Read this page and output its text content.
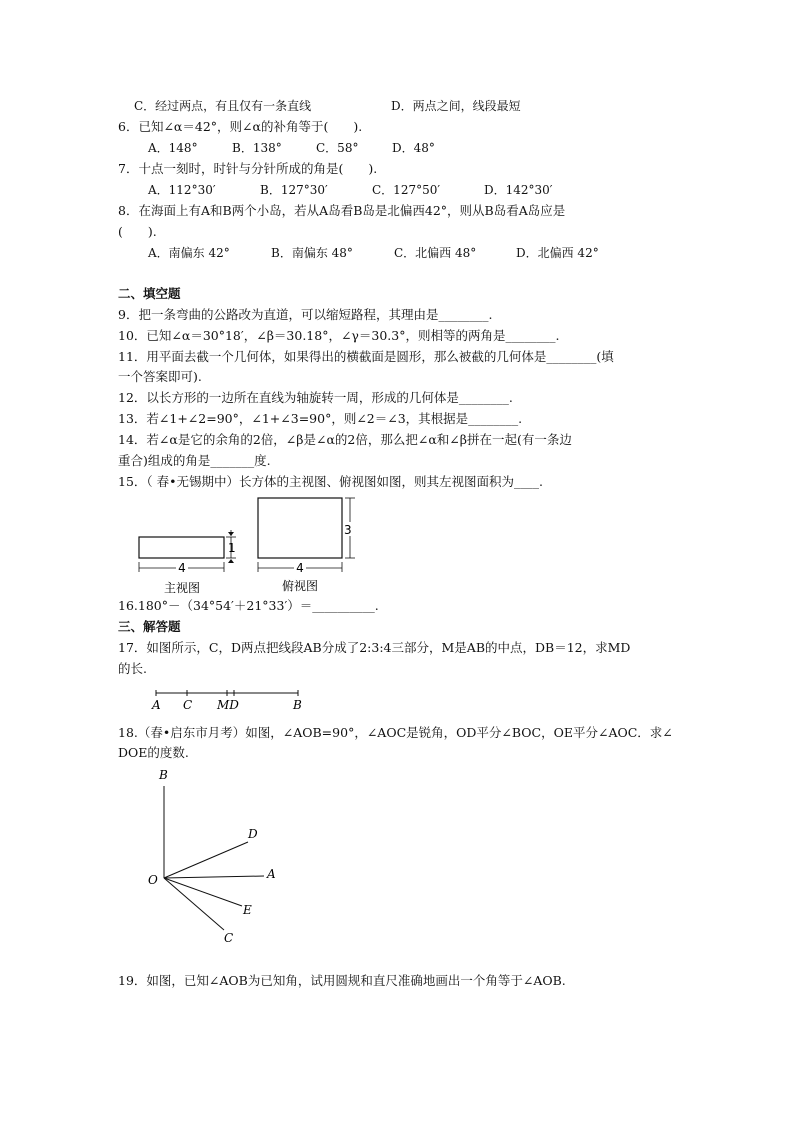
C．经过两点，有且仅有一条直线	D．两点之间，线段最短
6．已知∠α＝42°，则∠α的补角等于(　　).
A．148°	B．138°	C．58°	D．48°
7．十点一刻时，时针与分针所成的角是(　　).
A．112°30′	B．127°30′	C．127°50′	D．142°30′
8．在海面上有A和B两个小岛，若从A岛看B岛是北偏西42°，则从B岛看A岛应是
(　　).
A．南偏东 42°	B．南偏东 48°	C．北偏西 48°	D．北偏西 42°
二、填空题
9．把一条弯曲的公路改为直道，可以缩短路程，其理由是________.
10．已知∠α＝30°18′，∠β＝30.18°，∠γ＝30.3°，则相等的两角是________.
11．用平面去截一个几何体，如果得出的横截面是圆形，那么被截的几何体是________(填
一个答案即可).
12．以长方形的一边所在直线为轴旋转一周，形成的几何体是________.
13．若∠1+∠2=90°，∠1+∠3=90°，则∠2＝∠3，其根据是________.
14．若∠α是它的余角的2倍，∠β是∠α的2倍，那么把∠α和∠β拼在一起(有一条边
重合)组成的角是_______度.
15．（ 春•无锡期中）长方体的主视图、俯视图如图，则其左视图面积为____.
4
1
主视图
4
3
俯视图
16.180°－（34°54′＋21°33′）＝__________.
三、解答题
17．如图所示，C，D两点把线段AB分成了2:3:4三部分，M是AB的中点，DB＝12，求MD
的长.
A C MD	B
18.（春•启东市月考）如图，∠AOB=90°，∠AOC是锐角，OD平分∠BOC，OE平分∠AOC．求∠
DOE的度数.
B
D
O	A
E
C
19．如图，已知∠AOB为已知角，试用圆规和直尺准确地画出一个角等于∠AOB.
